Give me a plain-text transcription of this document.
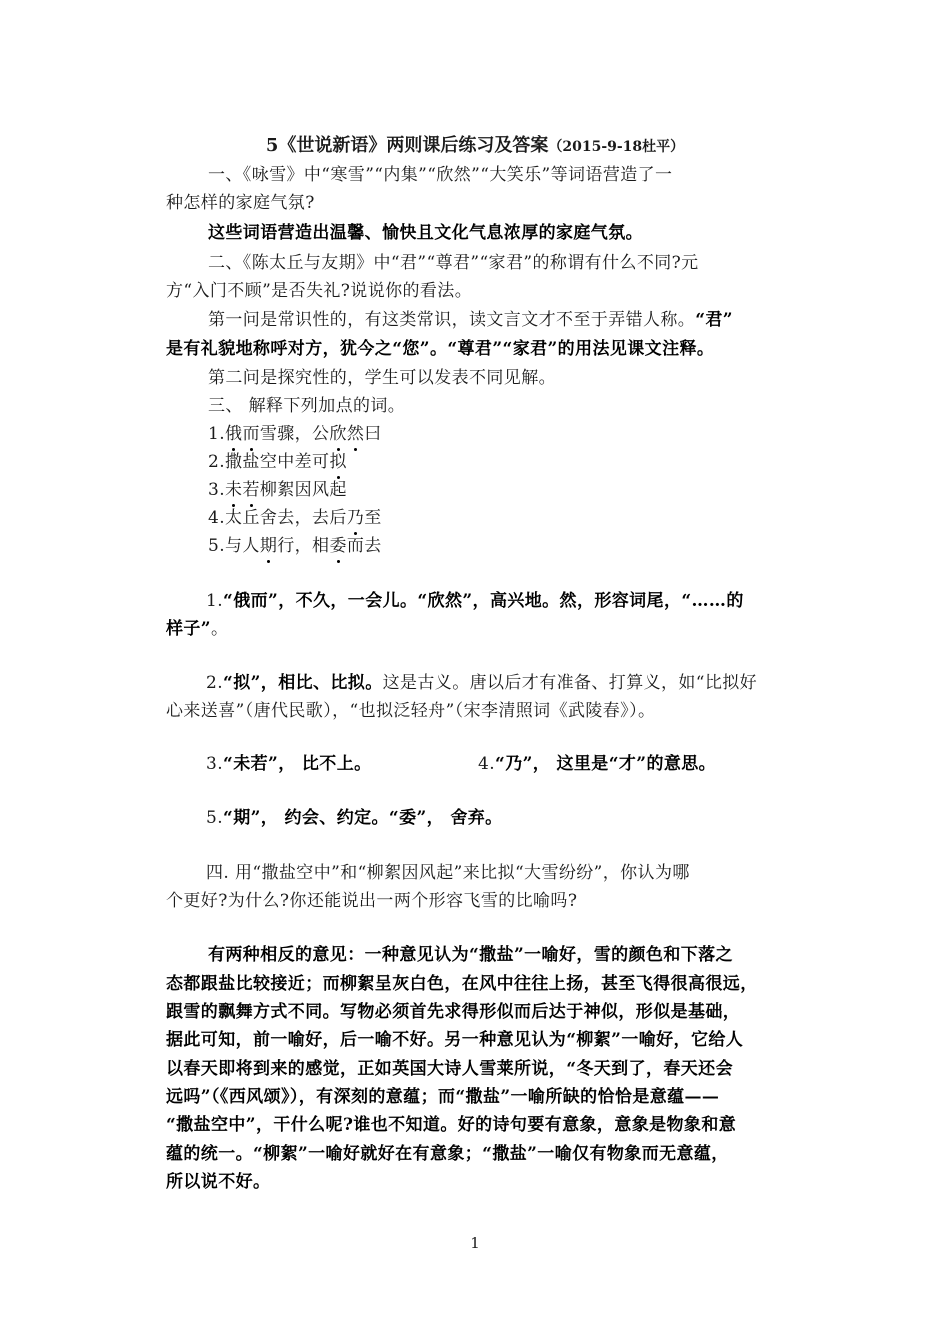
5《世说新语》两则课后练习及答案（2015-9-18杜平）
一、《咏雪》中“寒雪”“内集”“欣然”“大笑乐”等词语营造了一
种怎样的家庭气氛?
这些词语营造出温馨、愉快且文化气息浓厚的家庭气氛。
二、《陈太丘与友期》中“君”“尊君”“家君”的称谓有什么不同?元
方“入门不顾”是否失礼?说说你的看法。
第一问是常识性的，有这类常识，读文言文才不至于弄错人称。“君”
是有礼貌地称呼对方，犹今之“您”。“尊君”“家君”的用法见课文注释。
第二问是探究性的，学生可以发表不同见解。
三、 解释下列加点的词。
1.俄而雪骤，公欣然曰
2.撒盐空中差可拟
3.未若柳絮因风起
4.太丘舍去，去后乃至
5.与人期行，相委而去
1.“俄而”，不久，一会儿。“欣然”，高兴地。然，形容词尾，“……的
样子”。
2.“拟”，相比、比拟。这是古义。唐以后才有准备、打算义，如“比拟好
心来送喜”（唐代民歌），“也拟泛轻舟”（宋李清照词《武陵春》）。
3.“未若”， 比不上。	4.“乃”， 这里是“才”的意思。
5.“期”， 约会、约定。“委”， 舍弃。
四. 用“撒盐空中”和“柳絮因风起”来比拟“大雪纷纷”，你认为哪
个更好?为什么?你还能说出一两个形容飞雪的比喻吗?
有两种相反的意见：一种意见认为“撒盐”一喻好，雪的颜色和下落之
态都跟盐比较接近；而柳絮呈灰白色，在风中往往上扬，甚至飞得很高很远，
跟雪的飘舞方式不同。写物必须首先求得形似而后达于神似，形似是基础，
据此可知，前一喻好，后一喻不好。另一种意见认为“柳絮”一喻好，它给人
以春天即将到来的感觉，正如英国大诗人雪莱所说，“冬天到了，春天还会
远吗”（《西风颂》），有深刻的意蕴；而“撒盐”一喻所缺的恰恰是意蕴——
“撒盐空中”，干什么呢?谁也不知道。好的诗句要有意象，意象是物象和意
蕴的统一。“柳絮”一喻好就好在有意象；“撒盐”一喻仅有物象而无意蕴，
所以说不好。
1
